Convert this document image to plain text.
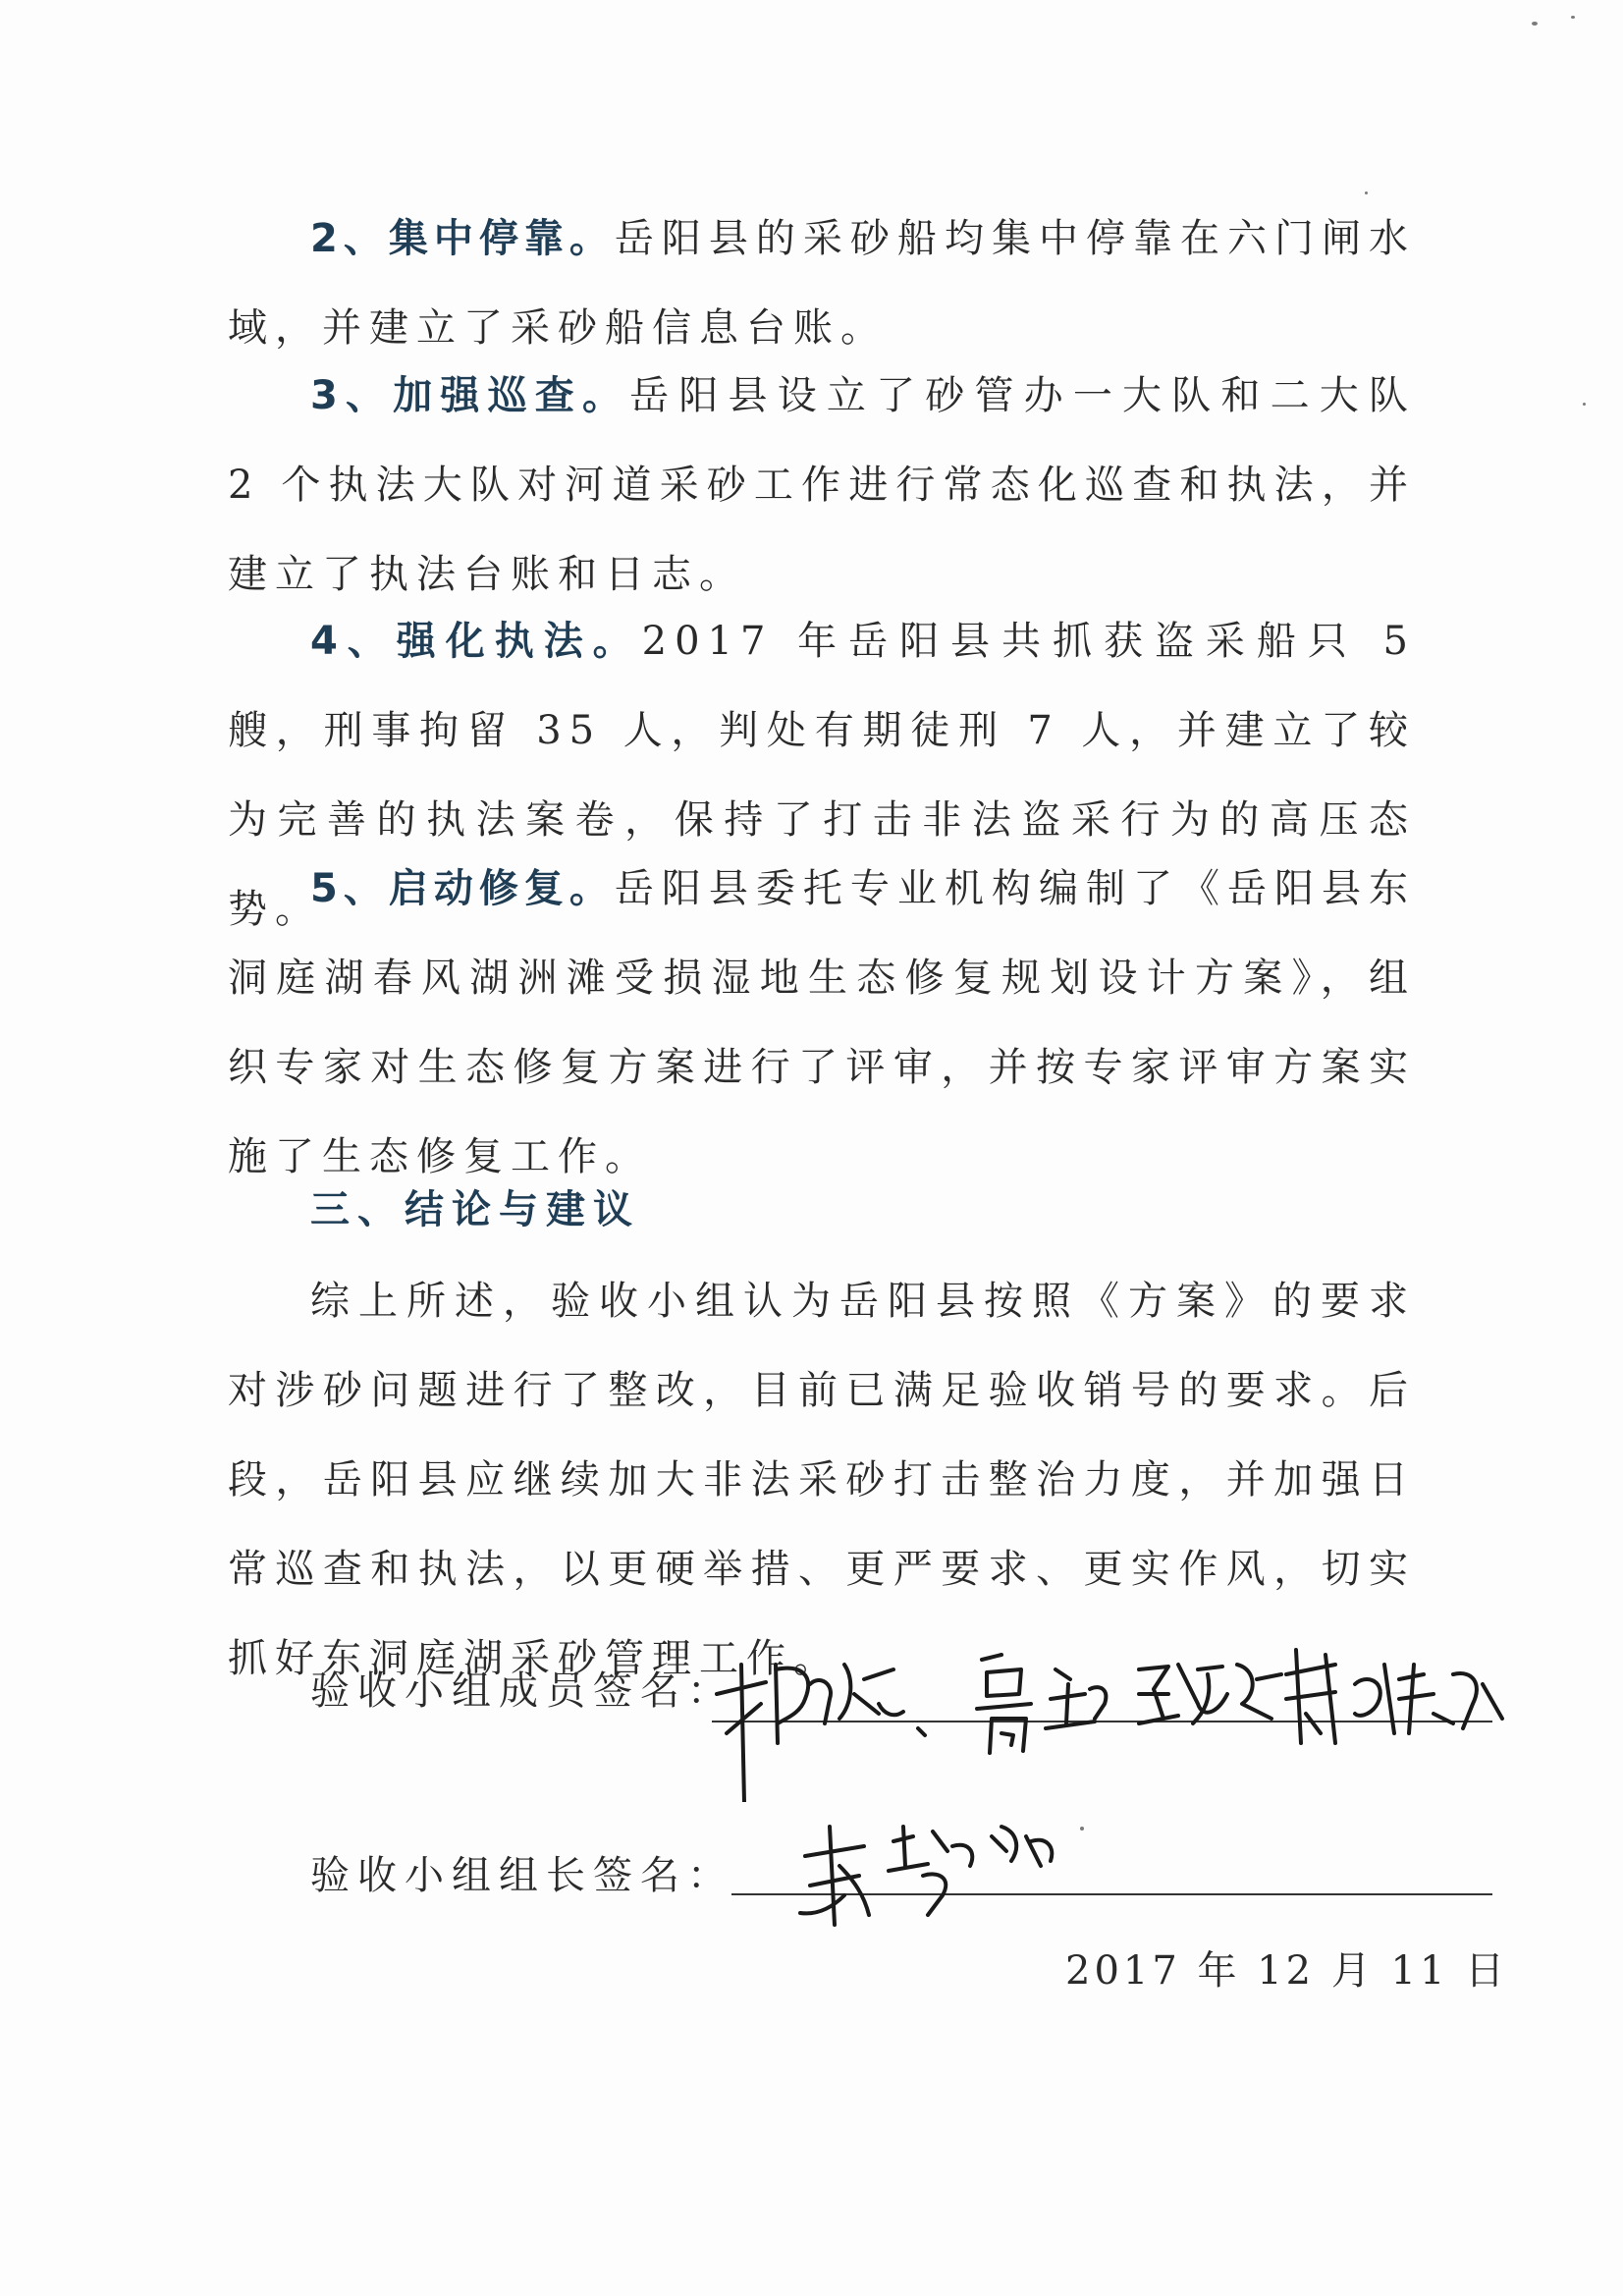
2、集中停靠。岳阳县的采砂船均集中停靠在六门闸水域，并建立了采砂船信息台账。

3、加强巡查。岳阳县设立了砂管办一大队和二大队 2 个执法大队对河道采砂工作进行常态化巡查和执法，并建立了执法台账和日志。

4、强化执法。2017 年岳阳县共抓获盗采船只 5 艘，刑事拘留 35 人，判处有期徒刑 7 人，并建立了较为完善的执法案卷，保持了打击非法盗采行为的高压态势。

5、启动修复。岳阳县委托专业机构编制了《岳阳县东洞庭湖春风湖洲滩受损湿地生态修复规划设计方案》，组织专家对生态修复方案进行了评审，并按专家评审方案实施了生态修复工作。

三、结论与建议

综上所述，验收小组认为岳阳县按照《方案》的要求对涉砂问题进行了整改，目前已满足验收销号的要求。后段，岳阳县应继续加大非法采砂打击整治力度，并加强日常巡查和执法，以更硬举措、更严要求、更实作风，切实抓好东洞庭湖采砂管理工作。

验收小组成员签名：
验收小组组长签名：
2017 年 12 月 11 日
